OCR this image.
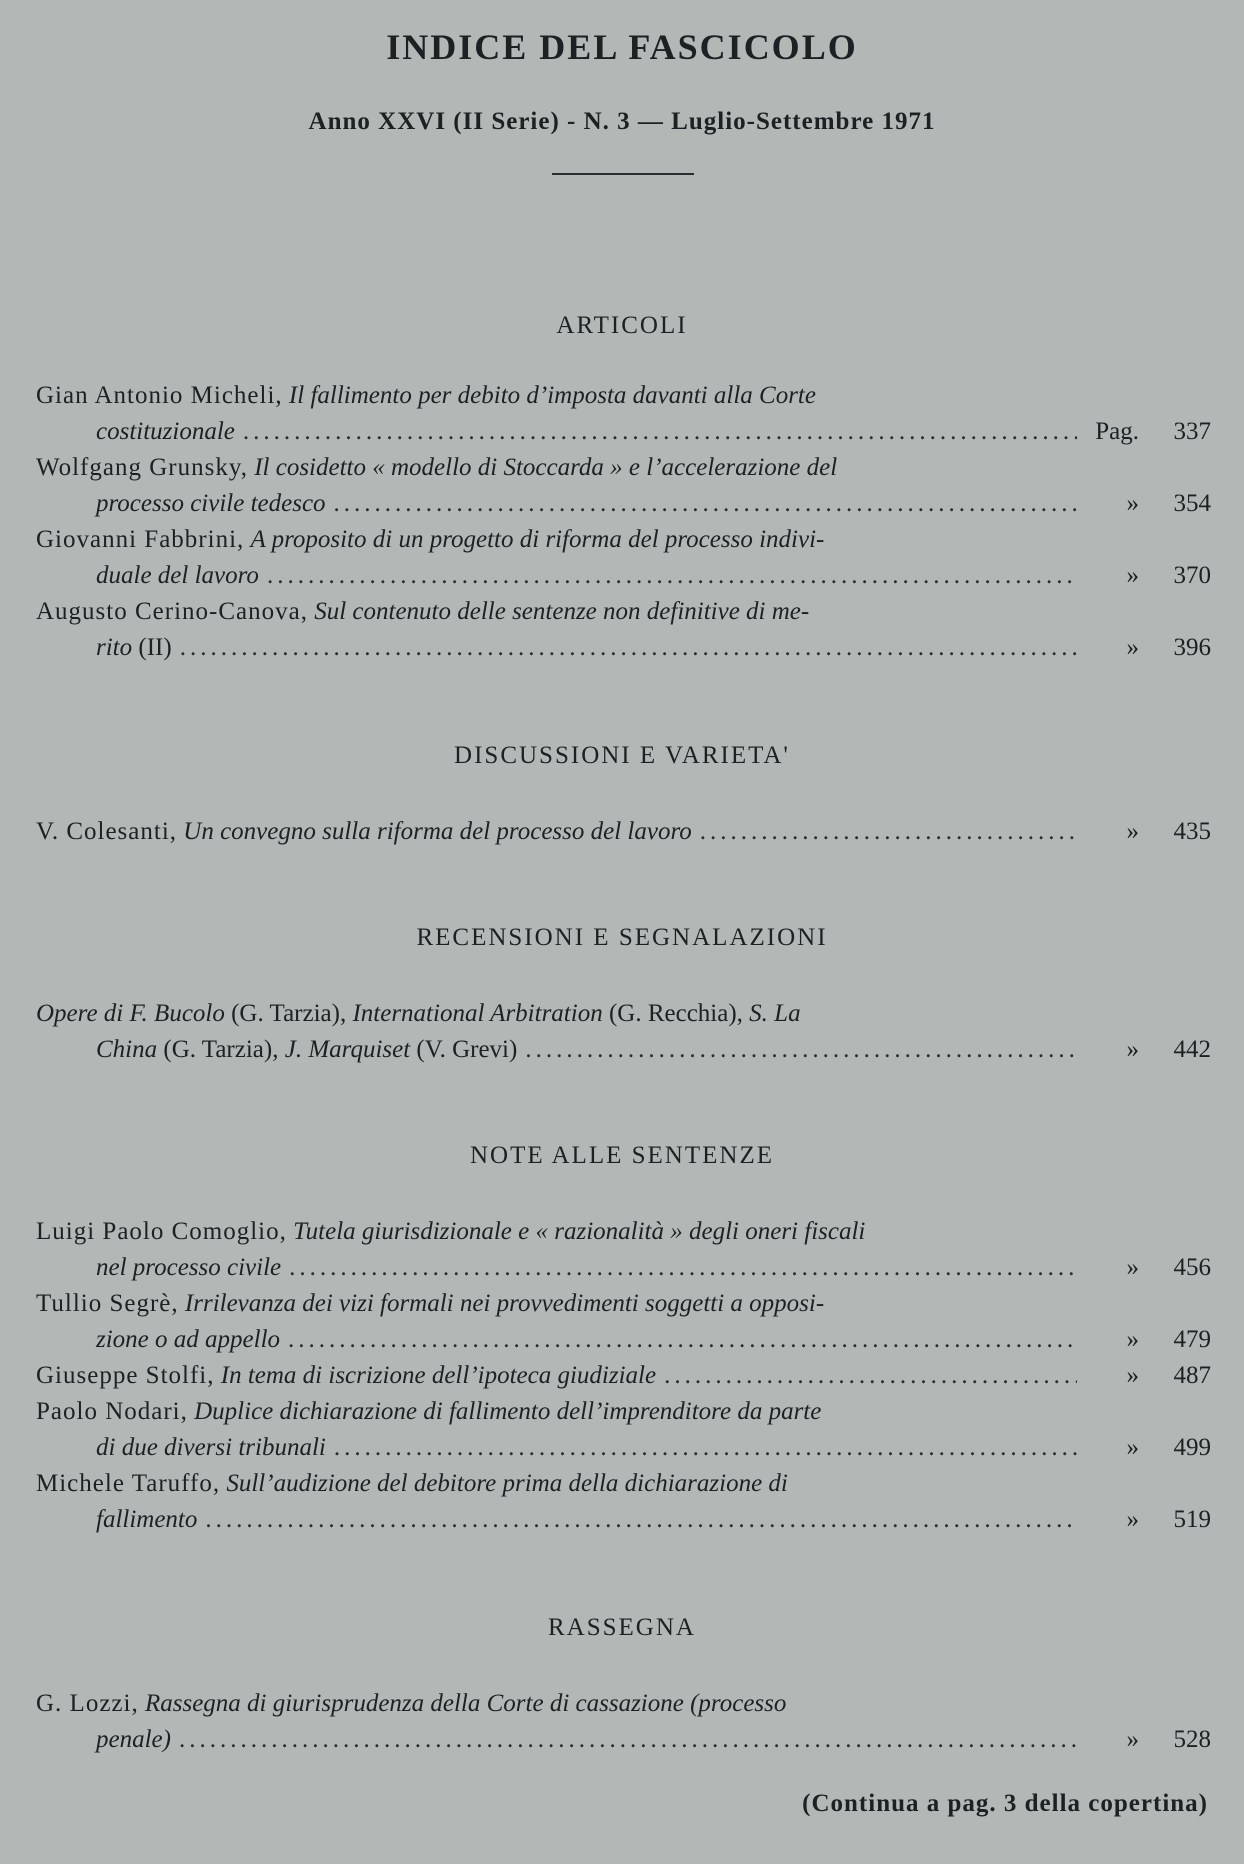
INDICE DEL FASCICOLO

Anno XXVI (II Serie) - N. 3 — Luglio-Settembre 1971

ARTICOLI
Gian Antonio Micheli, Il fallimento per debito d’imposta davanti alla Corte
costituzionale .....	Pag.	337
Wolfgang Grunsky, Il cosidetto « modello di Stoccarda » e l’accelerazione del
processo civile tedesco .....	»	354
Giovanni Fabbrini, A proposito di un progetto di riforma del processo indivi-
duale del lavoro .....	»	370
Augusto Cerino-Canova, Sul contenuto delle sentenze non definitive di me-
rito (II) .....	»	396
DISCUSSIONI E VARIETA'
V. Colesanti, Un convegno sulla riforma del processo del lavoro .....	»	435
RECENSIONI E SEGNALAZIONI
Opere di F. Bucolo (G. Tarzia), International Arbitration (G. Recchia), S. La
China (G. Tarzia), J. Marquiset (V. Grevi) .....	»	442
NOTE ALLE SENTENZE
Luigi Paolo Comoglio, Tutela giurisdizionale e « razionalità » degli oneri fiscali
nel processo civile .....	»	456
Tullio Segrè, Irrilevanza dei vizi formali nei provvedimenti soggetti a opposi-
zione o ad appello .....	»	479
Giuseppe Stolfi, In tema di iscrizione dell’ipoteca giudiziale .....	»	487
Paolo Nodari, Duplice dichiarazione di fallimento dell’imprenditore da parte
di due diversi tribunali .....	»	499
Michele Taruffo, Sull’audizione del debitore prima della dichiarazione di
fallimento .....	»	519
RASSEGNA
G. Lozzi, Rassegna di giurisprudenza della Corte di cassazione (processo
penale) .....	»	528
(Continua a pag. 3 della copertina)
